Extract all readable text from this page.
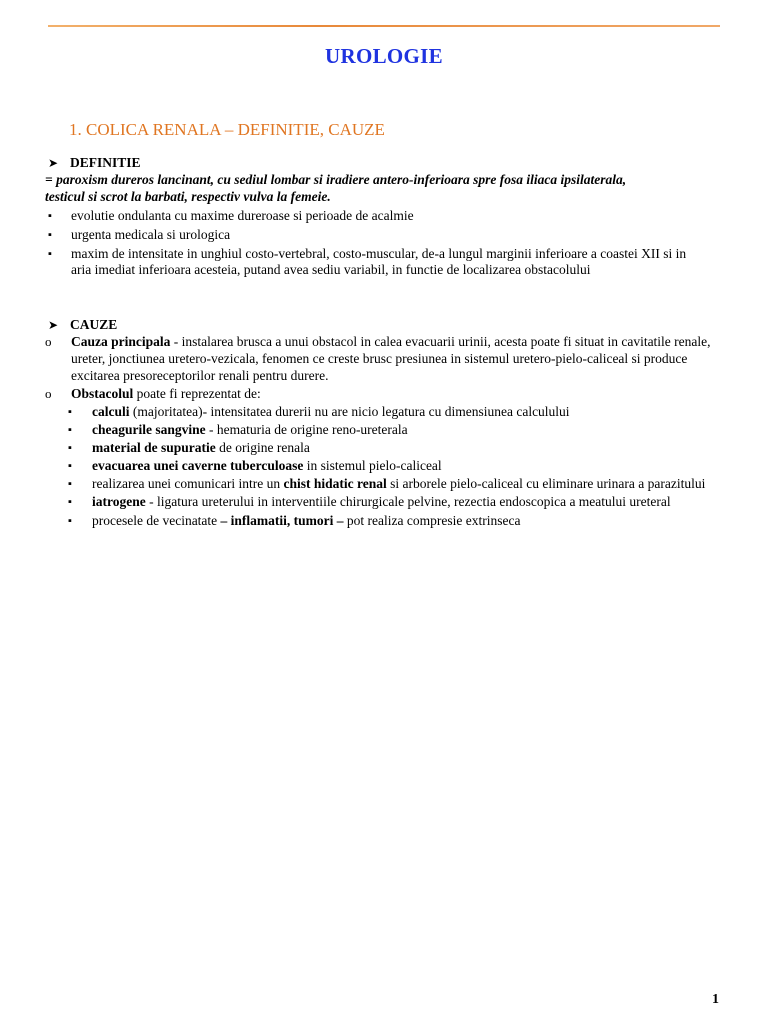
UROLOGIE
1. COLICA RENALA – DEFINITIE, CAUZE
➤ DEFINITIE
= paroxism dureros lancinant, cu sediul lombar si iradiere antero-inferioara spre fosa iliaca ipsilaterala,
testicul si scrot la barbati, respectiv vulva la femeie.
▪ evolutie ondulanta cu maxime dureroase si perioade de acalmie
▪ urgenta medicala si urologica
▪ maxim de intensitate in unghiul costo-vertebral, costo-muscular, de-a lungul marginii inferioare a coastei XII si in aria imediat inferioara acesteia, putand avea sediu variabil, in functie de localizarea obstacolului
➤ CAUZE
o Cauza principala - instalarea brusca a unui obstacol in calea evacuarii urinii, acesta poate fi situat in cavitatile renale, ureter, jonctiunea uretero-vezicala, fenomen ce creste brusc presiunea in sistemul uretero-pielo-caliceal si produce excitarea presoreceptorilor renali pentru durere.
o Obstacolul poate fi reprezentat de:
▪ calculi (majoritatea)- intensitatea durerii nu are nicio legatura cu dimensiunea calculului
▪ cheagurile sangvine - hematuria de origine reno-ureterala
▪ material de supuratie de origine renala
▪ evacuarea unei caverne tuberculoase in sistemul pielo-caliceal
▪ realizarea unei comunicari intre un chist hidatic renal si arborele pielo-caliceal cu eliminare urinara a parazitului
▪ iatrogene - ligatura ureterului in interventiile chirurgicale pelvine, rezectia endoscopica a meatului ureteral
▪ procesele de vecinatate – inflamatii, tumori – pot realiza compresie extrinseca
1
